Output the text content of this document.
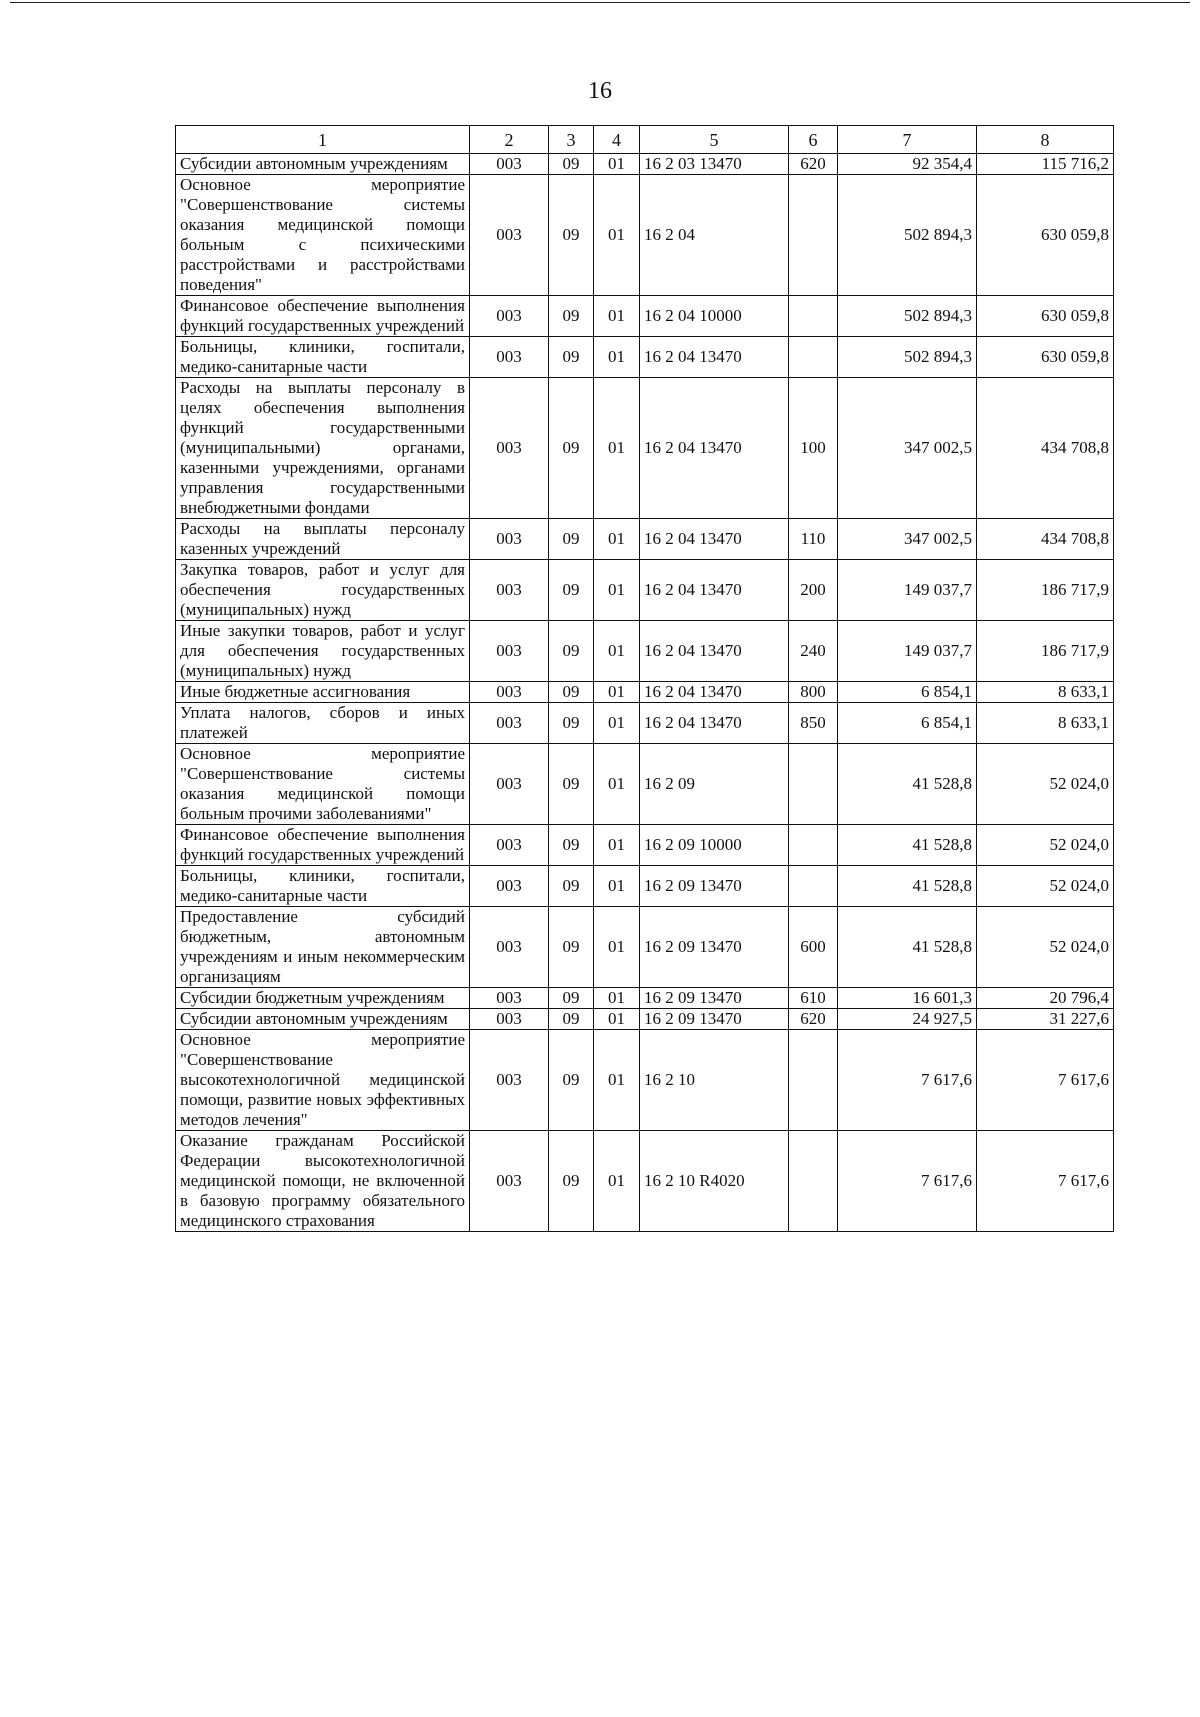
16
1	2	3	4	5	6	7	8
Субсидии автономным учреждениям	003	09	01	16 2 03 13470	620	92 354,4	115 716,2
Основное мероприятие "Совершенствование системы оказания медицинской помощи больным с психическими расстройствами и расстройствами поведения"	003	09	01	16 2 04		502 894,3	630 059,8
Финансовое обеспечение выполнения функций государственных учреждений	003	09	01	16 2 04 10000		502 894,3	630 059,8
Больницы, клиники, госпитали, медико-санитарные части	003	09	01	16 2 04 13470		502 894,3	630 059,8
Расходы на выплаты персоналу в целях обеспечения выполнения функций государственными (муниципальными) органами, казенными учреждениями, органами управления государственными внебюджетными фондами	003	09	01	16 2 04 13470	100	347 002,5	434 708,8
Расходы на выплаты персоналу казенных учреждений	003	09	01	16 2 04 13470	110	347 002,5	434 708,8
Закупка товаров, работ и услуг для обеспечения государственных (муниципальных) нужд	003	09	01	16 2 04 13470	200	149 037,7	186 717,9
Иные закупки товаров, работ и услуг для обеспечения государственных (муниципальных) нужд	003	09	01	16 2 04 13470	240	149 037,7	186 717,9
Иные бюджетные ассигнования	003	09	01	16 2 04 13470	800	6 854,1	8 633,1
Уплата налогов, сборов и иных платежей	003	09	01	16 2 04 13470	850	6 854,1	8 633,1
Основное мероприятие "Совершенствование системы оказания медицинской помощи больным прочими заболеваниями"	003	09	01	16 2 09		41 528,8	52 024,0
Финансовое обеспечение выполнения функций государственных учреждений	003	09	01	16 2 09 10000		41 528,8	52 024,0
Больницы, клиники, госпитали, медико-санитарные части	003	09	01	16 2 09 13470		41 528,8	52 024,0
Предоставление субсидий бюджетным, автономным учреждениям и иным некоммерческим организациям	003	09	01	16 2 09 13470	600	41 528,8	52 024,0
Субсидии бюджетным учреждениям	003	09	01	16 2 09 13470	610	16 601,3	20 796,4
Субсидии автономным учреждениям	003	09	01	16 2 09 13470	620	24 927,5	31 227,6
Основное мероприятие "Совершенствование высокотехнологичной медицинской помощи, развитие новых эффективных методов лечения"	003	09	01	16 2 10		7 617,6	7 617,6
Оказание гражданам Российской Федерации высокотехнологичной медицинской помощи, не включенной в базовую программу обязательного медицинского страхования	003	09	01	16 2 10 R4020		7 617,6	7 617,6
